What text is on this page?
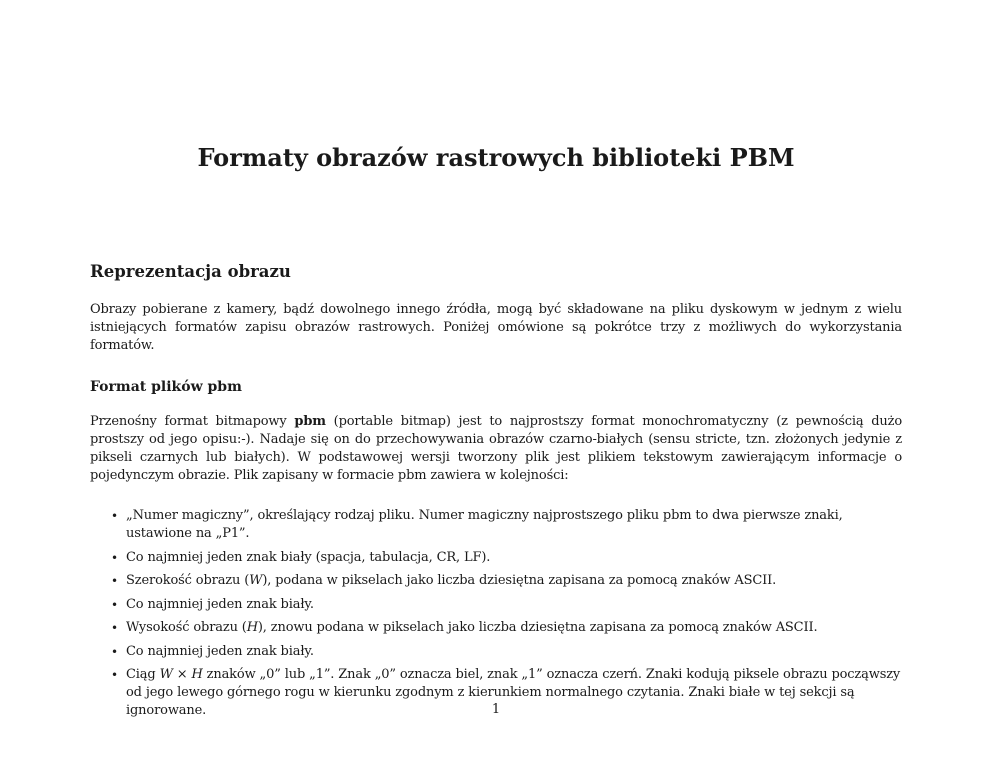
Formaty obrazów rastrowych biblioteki PBM
Reprezentacja obrazu

Obrazy pobierane z kamery, bądź dowolnego innego źródła, mogą być składowane na pliku dyskowym w jednym z wielu istniejących formatów zapisu obrazów rastrowych. Poniżej omówione są pokrótce trzy z możliwych do wykorzystania formatów.

Format plików pbm

Przenośny format bitmapowy pbm (portable bitmap) jest to najprostszy format monochromatyczny (z pewnością dużo prostszy od jego opisu:-). Nadaje się on do przechowywania obrazów czarno-białych (sensu stricte, tzn. złożonych jedynie z pikseli czarnych lub białych). W podstawowej wersji tworzony plik jest plikiem tekstowym zawierającym informacje o pojedynczym obrazie. Plik zapisany w formacie pbm zawiera w kolejności:

• „Numer magiczny”, określający rodzaj pliku. Numer magiczny najprostszego pliku pbm to dwa pierwsze znaki, ustawione na „P1”.
• Co najmniej jeden znak biały (spacja, tabulacja, CR, LF).
• Szerokość obrazu (W), podana w pikselach jako liczba dziesiętna zapisana za pomocą znaków ASCII.
• Co najmniej jeden znak biały.
• Wysokość obrazu (H), znowu podana w pikselach jako liczba dziesiętna zapisana za pomocą znaków ASCII.
• Co najmniej jeden znak biały.
• Ciąg W × H znaków „0” lub „1”. Znak „0” oznacza biel, znak „1” oznacza czerń. Znaki kodują piksele obrazu począwszy od jego lewego górnego rogu w kierunku zgodnym z kierunkiem normalnego czytania. Znaki białe w tej sekcji są ignorowane.	1
